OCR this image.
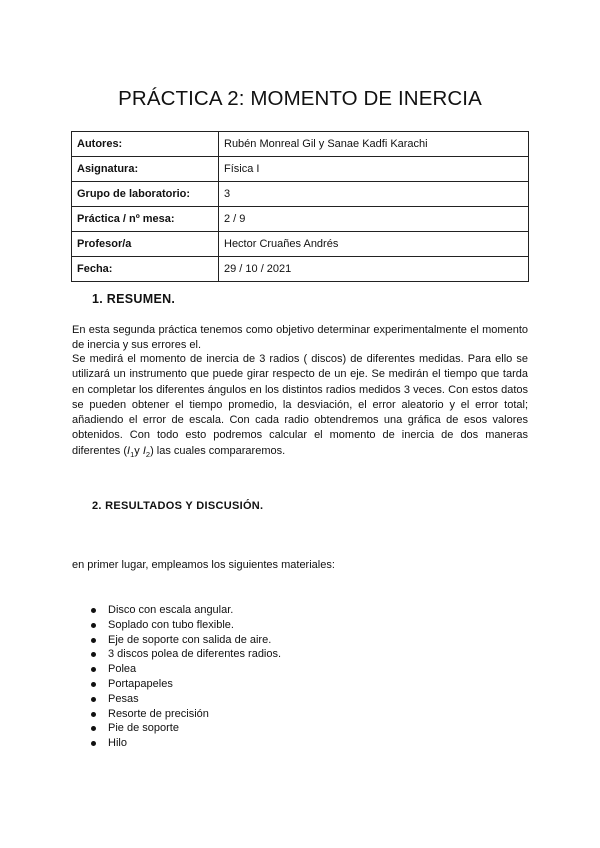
PRÁCTICA 2: MOMENTO DE INERCIA
Autores:	Rubén Monreal Gil y Sanae Kadfi Karachi
Asignatura:	Física I
Grupo de laboratorio:	3
Práctica / nº mesa:	2 / 9
Profesor/a	Hector Cruañes Andrés
Fecha:	29 / 10 / 2021
1. RESUMEN.

En esta segunda práctica tenemos como objetivo determinar experimentalmente el momento de inercia y sus errores el.

Se medirá el momento de inercia de 3 radios ( discos) de diferentes medidas. Para ello se utilizará un instrumento que puede girar respecto de un eje. Se medirán el tiempo que tarda en completar los diferentes ángulos en los distintos radios medidos 3 veces. Con estos datos se pueden obtener el tiempo promedio, la desviación, el error aleatorio y el error total; añadiendo el error de escala. Con cada radio obtendremos una gráfica de esos valores obtenidos. Con todo esto podremos calcular el momento de inercia de dos maneras diferentes ($I_1y$ $I_2$) las cuales compararemos.

2. RESULTADOS Y DISCUSIÓN.
en primer lugar, empleamos los siguientes materiales:
Disco con escala angular.
Soplado con tubo flexible.
Eje de soporte con salida de aire.
3 discos polea de diferentes radios.
Polea
Portapapeles
Pesas
Resorte de precisión
Pie de soporte
Hilo
